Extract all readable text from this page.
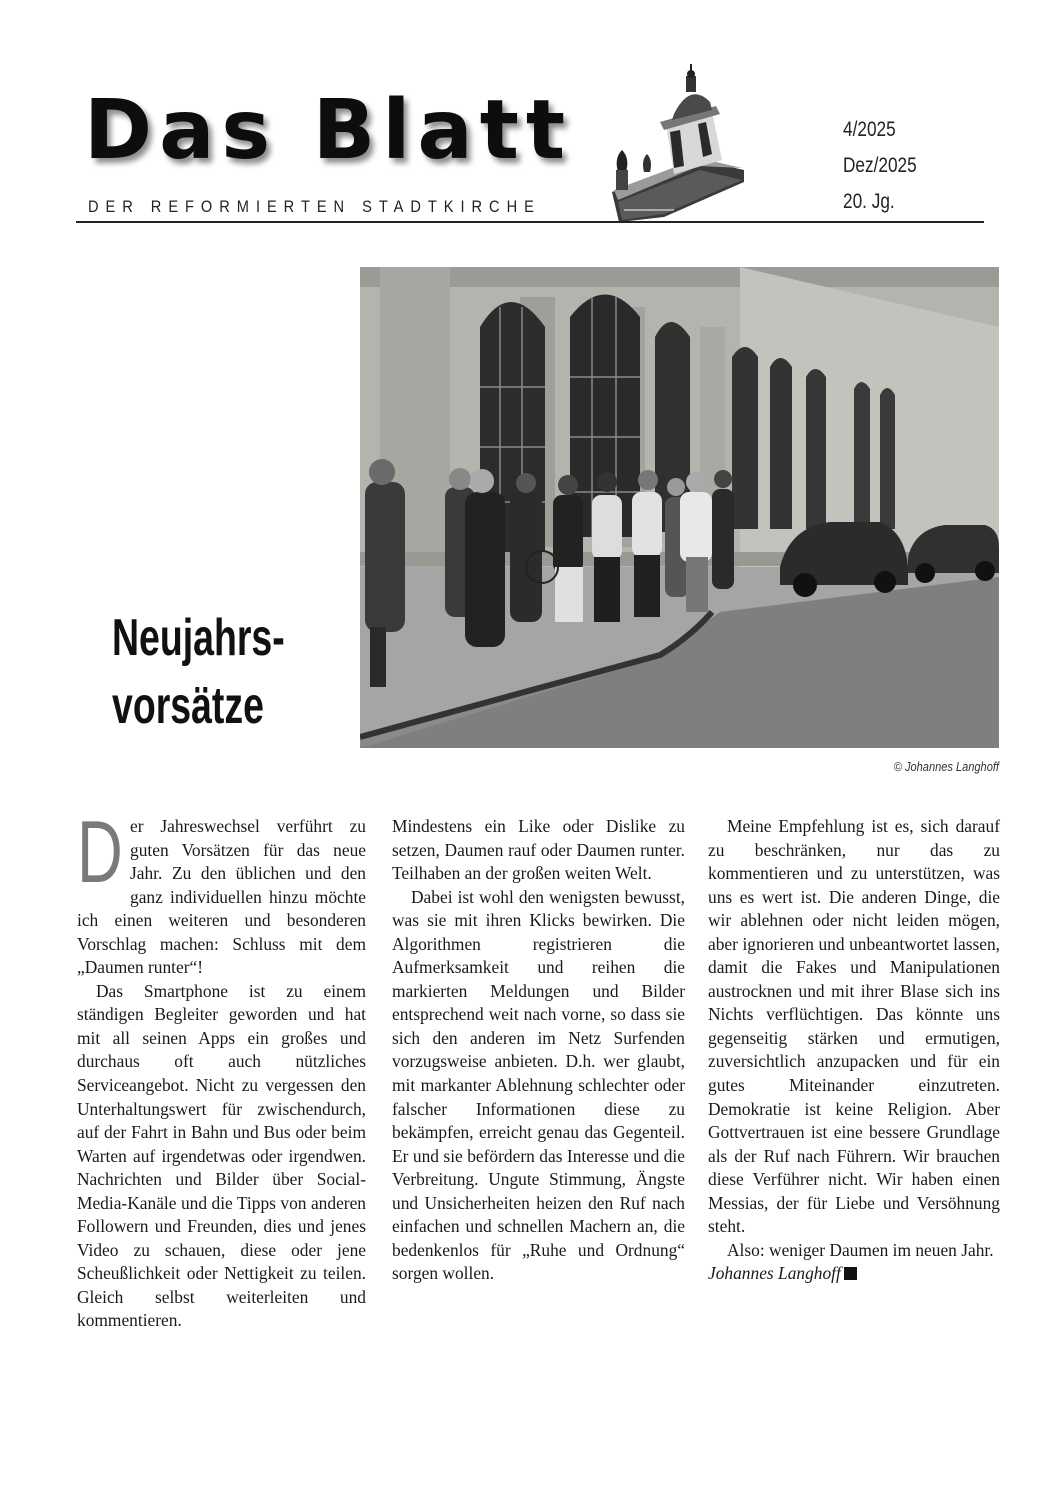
Das Blatt
DER REFORMIERTEN STADTKIRCHE
4/2025
Dez/2025
20. Jg.
© Johannes Langhoff
Neujahrs-
vorsätze

Der Jahreswechsel verführt zu guten Vorsätzen für das neue Jahr. Zu den üblichen und den ganz individuellen hinzu möchte ich einen weiteren und besonderen Vorschlag machen: Schluss mit dem „Daumen runter“!

Das Smartphone ist zu einem ständigen Begleiter geworden und hat mit all seinen Apps ein großes und durchaus oft auch nützliches Serviceangebot. Nicht zu vergessen den Unterhaltungswert für zwischendurch, auf der Fahrt in Bahn und Bus oder beim Warten auf irgendetwas oder irgendwen. Nachrichten und Bilder über Social-Media-Kanäle und die Tipps von anderen Followern und Freunden, dies und jenes Video zu schauen, diese oder jene Scheußlichkeit oder Nettigkeit zu teilen. Gleich selbst weiterleiten und kommentieren.

Mindestens ein Like oder Dislike zu setzen, Daumen rauf oder Daumen runter. Teilhaben an der großen weiten Welt.

Dabei ist wohl den wenigsten bewusst, was sie mit ihren Klicks bewirken. Die Algorithmen registrieren die Aufmerksamkeit und reihen die markierten Meldungen und Bilder entsprechend weit nach vorne, so dass sie sich den anderen im Netz Surfenden vorzugsweise anbieten. D.h. wer glaubt, mit markanter Ablehnung schlechter oder falscher Informationen diese zu bekämpfen, erreicht genau das Gegenteil. Er und sie befördern das Interesse und die Verbreitung. Ungute Stimmung, Ängste und Unsicherheiten heizen den Ruf nach einfachen und schnellen Machern an, die bedenkenlos für „Ruhe und Ordnung“ sorgen wollen.

Meine Empfehlung ist es, sich darauf zu beschränken, nur das zu kommentieren und zu unterstützen, was uns es wert ist. Die anderen Dinge, die wir ablehnen oder nicht leiden mögen, aber ignorieren und unbeantwortet lassen, damit die Fakes und Manipulationen austrocknen und mit ihrer Blase sich ins Nichts verflüchtigen. Das könnte uns gegenseitig stärken und ermutigen, zuversichtlich anzupacken und für ein gutes Miteinander einzutreten. Demokratie ist keine Religion. Aber Gottvertrauen ist eine bessere Grundlage als der Ruf nach Führern. Wir brauchen diese Verführer nicht. Wir haben einen Messias, der für Liebe und Versöhnung steht.

Also: weniger Daumen im neuen Jahr.

Johannes Langhoff
